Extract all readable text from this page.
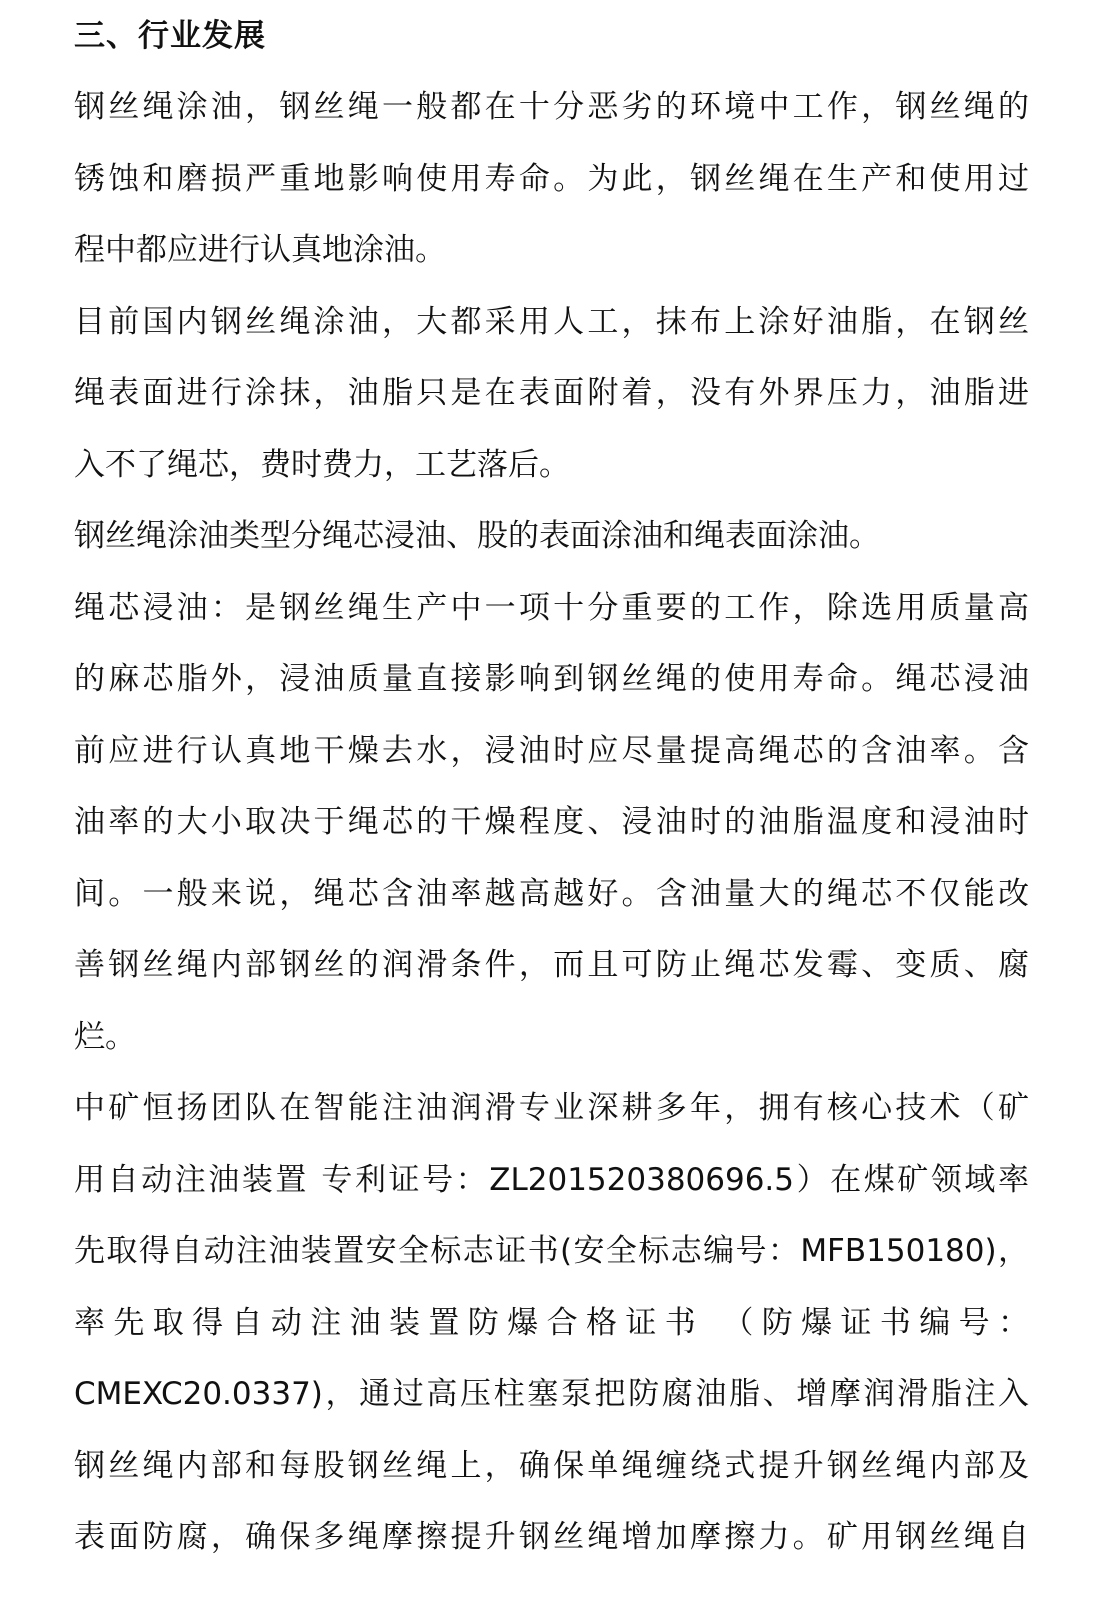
三、行业发展
钢丝绳涂油，钢丝绳一般都在十分恶劣的环境中工作，钢丝绳的
锈蚀和磨损严重地影响使用寿命。为此，钢丝绳在生产和使用过
程中都应进行认真地涂油。
目前国内钢丝绳涂油，大都采用人工，抹布上涂好油脂，在钢丝
绳表面进行涂抹，油脂只是在表面附着，没有外界压力，油脂进
入不了绳芯，费时费力，工艺落后。
钢丝绳涂油类型分绳芯浸油、股的表面涂油和绳表面涂油。
绳芯浸油：是钢丝绳生产中一项十分重要的工作，除选用质量高
的麻芯脂外，浸油质量直接影响到钢丝绳的使用寿命。绳芯浸油
前应进行认真地干燥去水，浸油时应尽量提高绳芯的含油率。含
油率的大小取决于绳芯的干燥程度、浸油时的油脂温度和浸油时
间。一般来说，绳芯含油率越高越好。含油量大的绳芯不仅能改
善钢丝绳内部钢丝的润滑条件，而且可防止绳芯发霉、变质、腐
烂。
中矿恒扬团队在智能注油润滑专业深耕多年，拥有核心技术（矿
用自动注油装置 专利证号：ZL201520380696.5）在煤矿领域率
先取得自动注油装置安全标志证书(安全标志编号：MFB150180)，
率先取得自动注油装置防爆合格证书 （防爆证书编号：
CMEXC20.0337)，通过高压柱塞泵把防腐油脂、增摩润滑脂注入
钢丝绳内部和每股钢丝绳上，确保单绳缠绕式提升钢丝绳内部及
表面防腐，确保多绳摩擦提升钢丝绳增加摩擦力。矿用钢丝绳自
